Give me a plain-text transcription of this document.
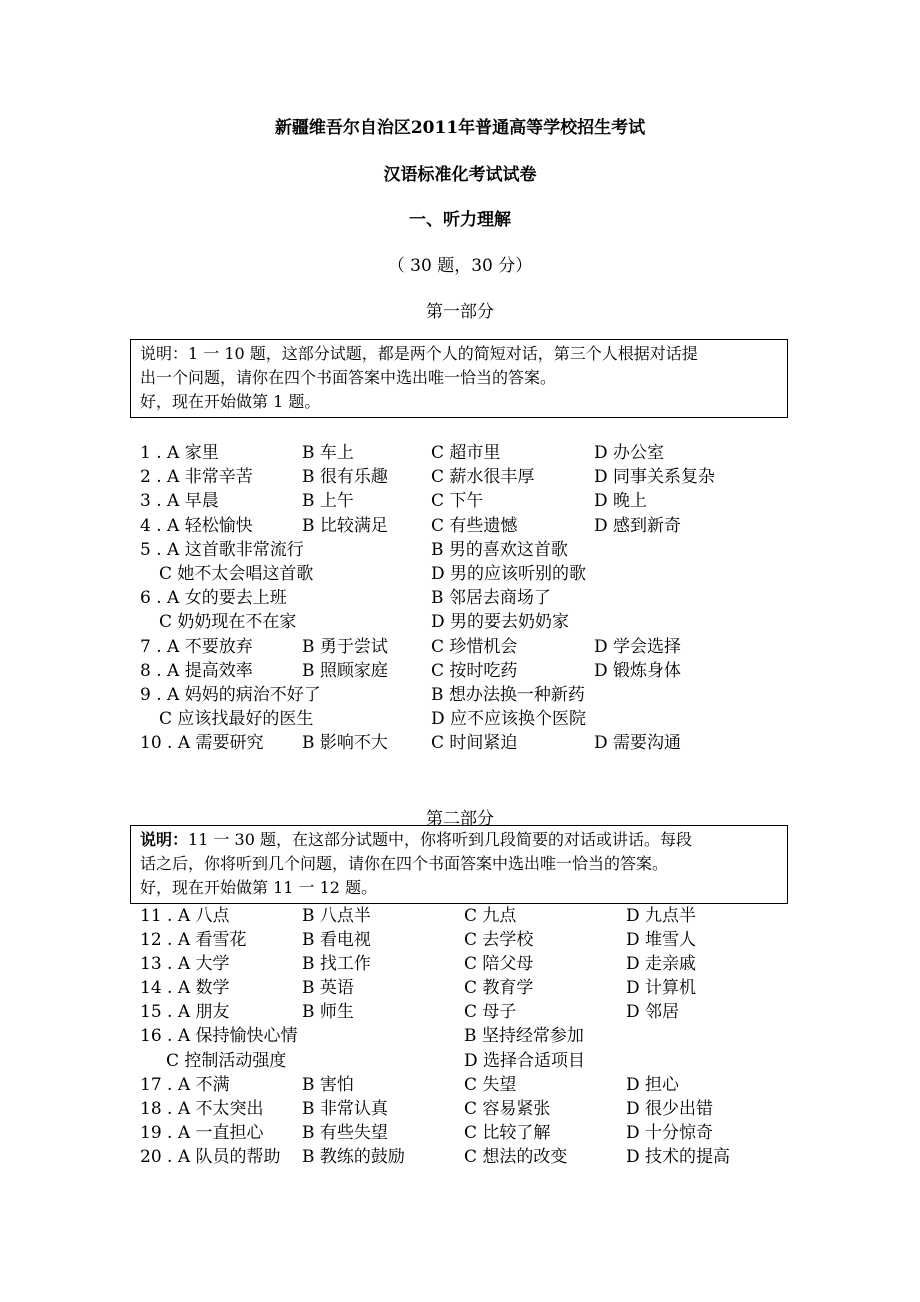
新疆维吾尔自治区2011年普通高等学校招生考试
汉语标准化考试试卷
一、听力理解
（ 30 题，30 分）
第一部分

说明：1 一 10 题，这部分试题，都是两个人的简短对话，第三个人根据对话提

出一个问题，请你在四个书面答案中选出唯一恰当的答案。

好，现在开始做第 1 题。

1 . A 家里	B 车上	C 超市里	D 办公室
2 . A 非常辛苦	B 很有乐趣	C 薪水很丰厚	D 同事关系复杂
3 . A 早晨	B 上午	C 下午	D 晚上
4 . A 轻松愉快	B 比较满足	C 有些遗憾	D 感到新奇
5 . A 这首歌非常流行	B 男的喜欢这首歌
C 她不太会唱这首歌	D 男的应该听别的歌
6 . A 女的要去上班	B 邻居去商场了
C 奶奶现在不在家	D 男的要去奶奶家
7 . A 不要放弃	B 勇于尝试	C 珍惜机会	D 学会选择
8 . A 提高效率	B 照顾家庭	C 按时吃药	D 锻炼身体
9 . A 妈妈的病治不好了	B 想办法换一种新药
C 应该找最好的医生	D 应不应该换个医院
10 . A 需要研究 B 影响不大	C 时间紧迫	D 需要沟通
第二部分

说明：11 一 30 题，在这部分试题中，你将听到几段简要的对话或讲话。每段

话之后，你将听到几个问题，请你在四个书面答案中选出唯一恰当的答案。

好，现在开始做第 11 一 12 题。

11 . A 八点	B 八点半	C 九点	D 九点半
12 . A 看雪花	B 看电视	C 去学校	D 堆雪人
13 . A 大学	B 找工作	C 陪父母	D 走亲戚
14 . A 数学	B 英语	C 教育学	D 计算机
15 . A 朋友	B 师生	C 母子	D 邻居
16 . A 保持愉快心情	B 坚持经常参加
C 控制活动强度	D 选择合适项目
17 . A 不满	B 害怕	C 失望	D 担心
18 . A 不太突出 B 非常认真	C 容易紧张	D 很少出错
19 . A 一直担心 B 有些失望	C 比较了解	D 十分惊奇
20 . A 队员的帮助 B 教练的鼓励	C 想法的改变	D 技术的提高
